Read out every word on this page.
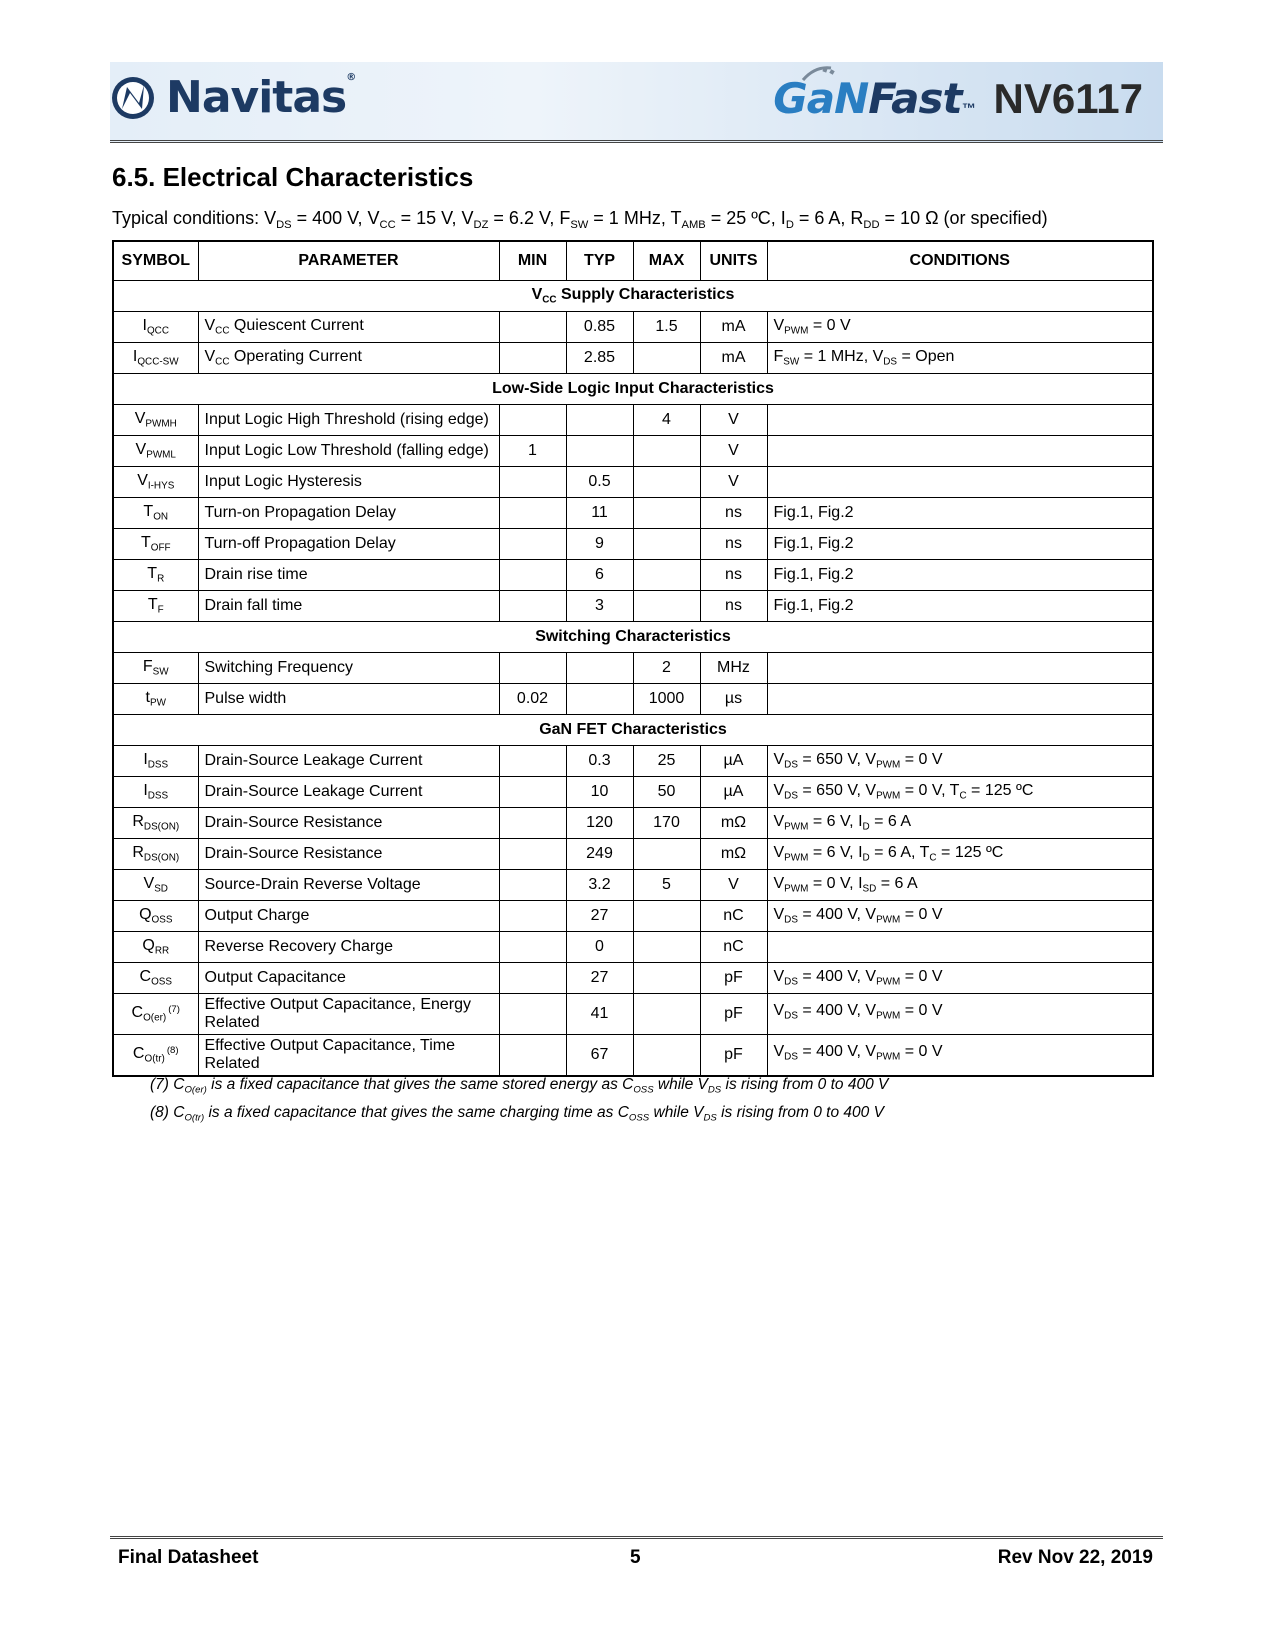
Navitas®	GaN Fast ™ NV6117
6.5. Electrical Characteristics
Typical conditions: $V_{DS} = 400$ V, $V_{CC} = 15$ V, $V_{DZ} = 6.2$ V, $F_{SW} = 1$ MHz, $T_{AMB} = 25$ ºC, $I_D = 6$ A, $R_{DD} = 10$ Ω (or specified)
SYMBOL	PARAMETER	MIN	TYP	MAX	UNITS	CONDITIONS
$V_{CC}$ Supply Characteristics						
$I_{QCC}$	$V_{CC}$ Quiescent Current		0.85	1.5	mA	$V_{PWM} = 0$ V
$I_{QCC-SW}$	$V_{CC}$ Operating Current		2.85		mA	$F_{SW} = 1$ MHz, $V_{DS}$ = Open
Low-Side Logic Input Characteristics						
$V_{PWMH}$	Input Logic High Threshold (rising edge)			4	V	
$V_{PWML}$	Input Logic Low Threshold (falling edge)	1			V	
$V_{I-HYS}$	Input Logic Hysteresis		0.5		V	
$T_{ON}$	Turn-on Propagation Delay		11		ns	Fig.1, Fig.2
$T_{OFF}$	Turn-off Propagation Delay		9		ns	Fig.1, Fig.2
$T_R$	Drain rise time		6		ns	Fig.1, Fig.2
$T_F$	Drain fall time		3		ns	Fig.1, Fig.2
Switching Characteristics						
$F_{SW}$	Switching Frequency			2	MHz	
$t_{PW}$	Pulse width	0.02		1000	µs	
GaN FET Characteristics						
$I_{DSS}$	Drain-Source Leakage Current		0.3	25	µA	$V_{DS} = 650$ V, $V_{PWM} = 0$ V
$I_{DSS}$	Drain-Source Leakage Current		10	50	µA	$V_{DS} = 650$ V, $V_{PWM} = 0$ V, $T_C = 125$ ºC
$R_{DS(ON)}$	Drain-Source Resistance		120	170	mΩ	$V_{PWM} = 6$ V, $I_D = 6$ A
$R_{DS(ON)}$	Drain-Source Resistance		249		mΩ	$V_{PWM} = 6$ V, $I_D = 6$ A, $T_C = 125$ ºC
$V_{SD}$	Source-Drain Reverse Voltage		3.2	5	V	$V_{PWM} = 0$ V, $I_{SD} = 6$ A
$Q_{OSS}$	Output Charge		27		nC	$V_{DS} = 400$ V, $V_{PWM} = 0$ V
$Q_{RR}$	Reverse Recovery Charge		0		nC	
$C_{OSS}$	Output Capacitance		27		pF	$V_{DS} = 400$ V, $V_{PWM} = 0$ V
$C_{O(er)}^{(7)}$	Effective Output Capacitance, Energy Related		41		pF	$V_{DS} = 400$ V, $V_{PWM} = 0$ V
$C_{O(tr)}^{(8)}$	Effective Output Capacitance, Time Related		67		pF	$V_{DS} = 400$ V, $V_{PWM} = 0$ V
(7) $C_{O(er)}$ is a fixed capacitance that gives the same stored energy as $C_{OSS}$ while $V_{DS}$ is rising from 0 to 400 V
(8) $C_{O(tr)}$ is a fixed capacitance that gives the same charging time as $C_{OSS}$ while $V_{DS}$ is rising from 0 to 400 V
Final Datasheet	5	Rev Nov 22, 2019
